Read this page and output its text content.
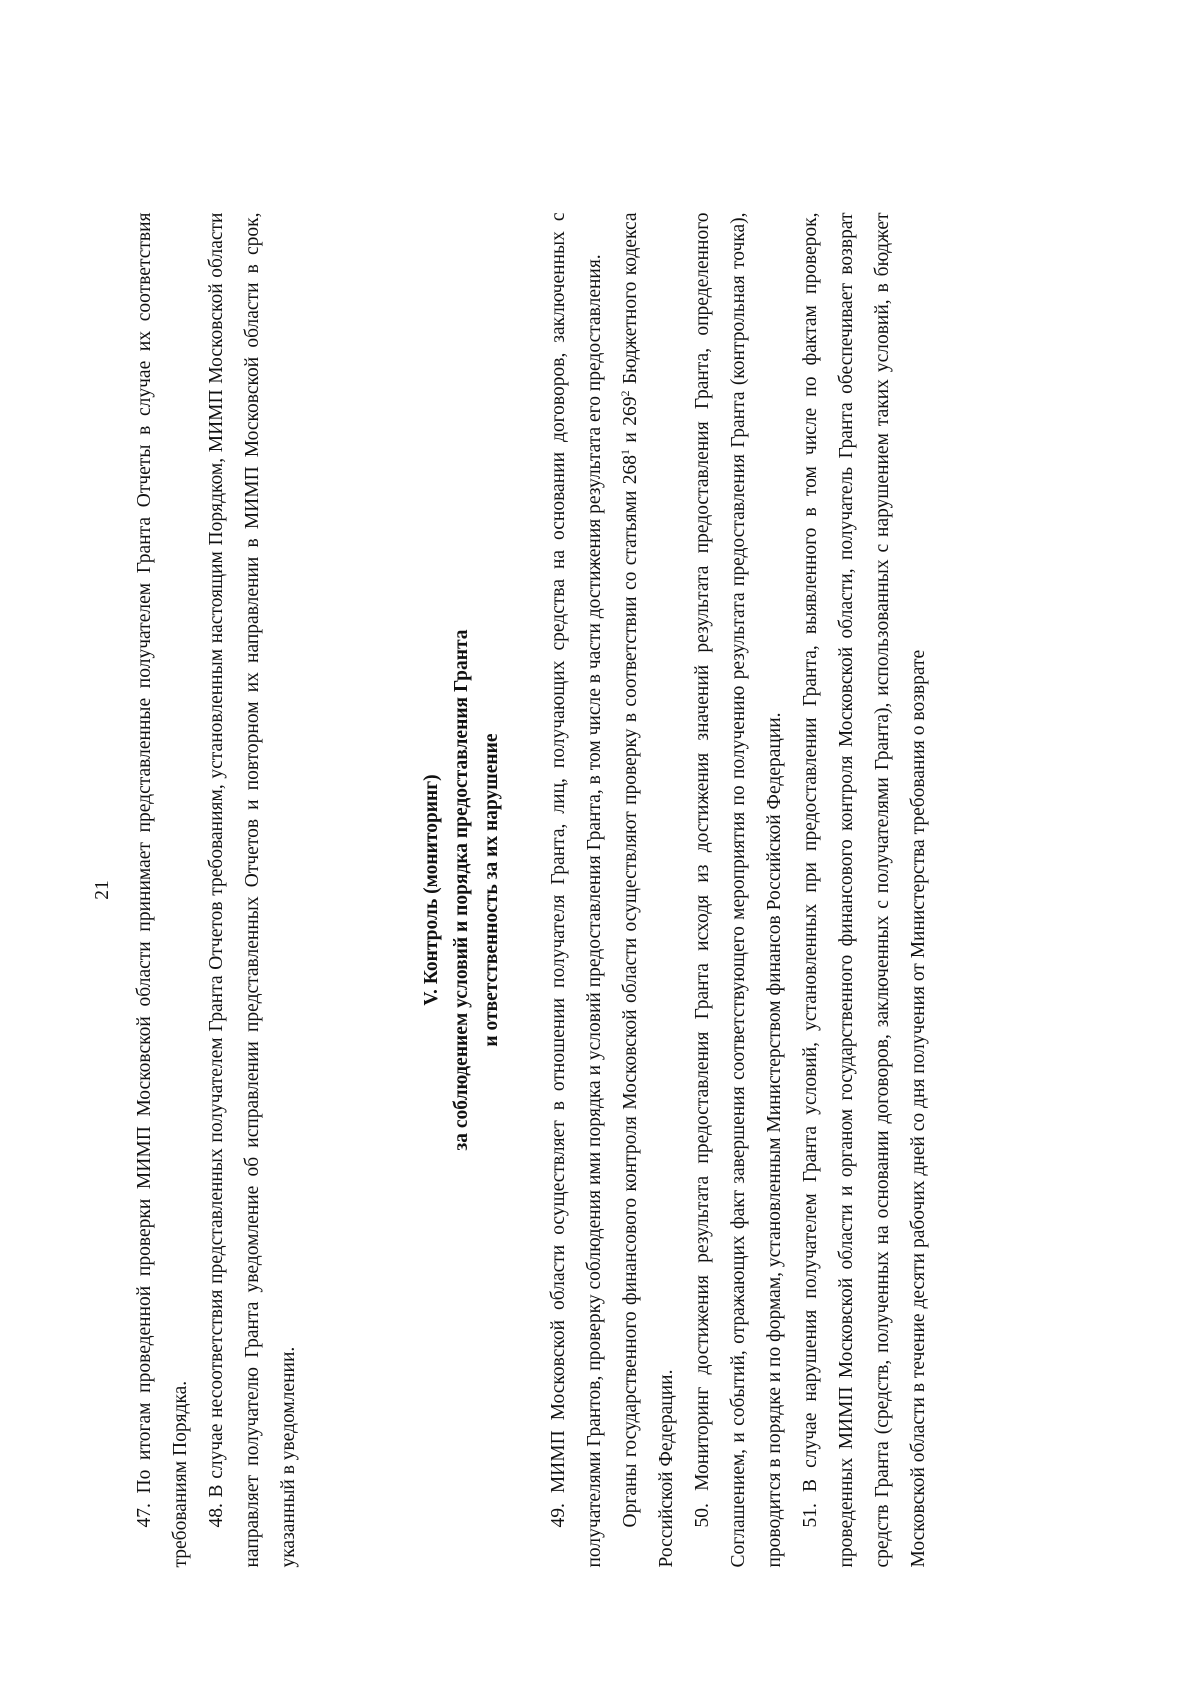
21	47. По итогам проведенной проверки МИМП Московской области принимает представленные получателем Гранта Отчеты в случае их соответствия требованиям Порядка. 48. В случае несоответствия представленных получателем Гранта Отчетов требованиям, установленным настоящим Порядком, МИМП Московской области направляет получателю Гранта уведомление об исправлении представленных Отчетов и повторном их направлении в МИМП Московской области в срок, указанный в уведомлении.

V. Контроль (мониторинг) за соблюдением условий и порядка предоставления Гранта и ответственность за их нарушение	49. МИМП Московской области осуществляет в отношении получателя Гранта, лиц, получающих средства на основании договоров, заключенных с получателями Грантов, проверку соблюдения ими порядка и условий предоставления Гранта, в том числе в части достижения результата его предоставления. Органы государственного финансового контроля Московской области осуществляют проверку в соответствии со статьями $268^1$ и $269^2$ Бюджетного кодекса Российской Федерации. 50. Мониторинг достижения результата предоставления Гранта исходя из достижения значений результата предоставления Гранта, определенного Соглашением, и событий, отражающих факт завершения соответствующего мероприятия по получению результата предоставления Гранта (контрольная точка), проводится в порядке и по формам, установленным Министерством финансов Российской Федерации. 51. В случае нарушения получателем Гранта условий, установленных при предоставлении Гранта, выявленного в том числе по фактам проверок, проведенных МИМП Московской области и органом государственного финансового контроля Московской области, получатель Гранта обеспечивает возврат средств Гранта (средств, полученных на основании договоров, заключенных с получателями Гранта), использованных с нарушением таких условий, в бюджет Московской области в течение десяти рабочих дней со дня получения от Министерства требования о возврате
